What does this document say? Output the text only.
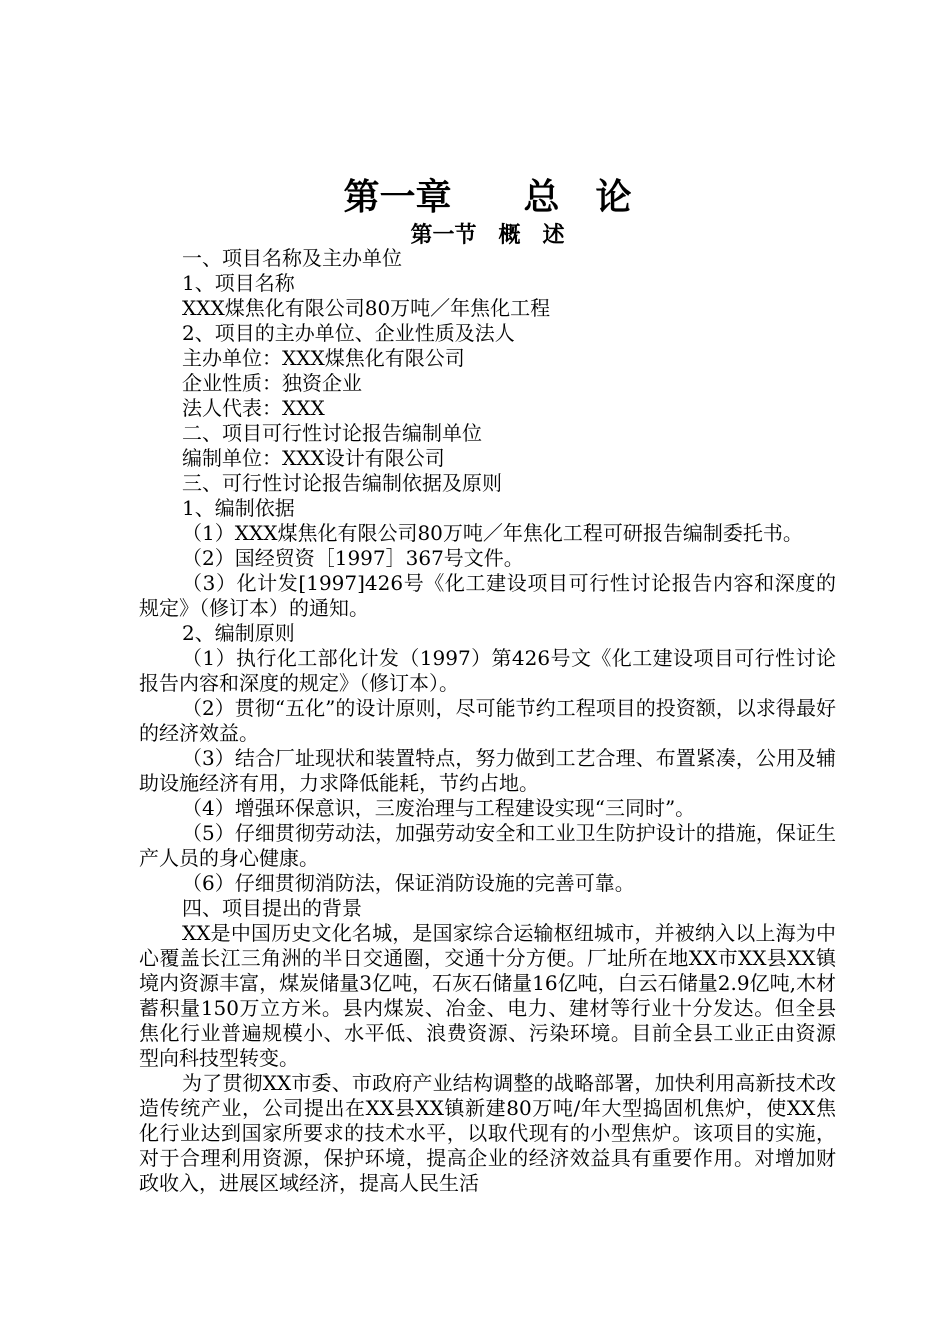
第一章　　总　论
第一节　概　述

一、项目名称及主办单位

1、项目名称

XXX煤焦化有限公司80万吨／年焦化工程

2、项目的主办单位、企业性质及法人

主办单位：XXX煤焦化有限公司

企业性质：独资企业

法人代表：XXX

二、项目可行性讨论报告编制单位

编制单位：XXX设计有限公司

三、可行性讨论报告编制依据及原则

1、编制依据

（1）XXX煤焦化有限公司80万吨／年焦化工程可研报告编制委托书。

（2）国经贸资［1997］367号文件。

（3）化计发[1997]426号《化工建设项目可行性讨论报告内容和深度的规定》（修订本）的通知。

2、编制原则

（1）执行化工部化计发（1997）第426号文《化工建设项目可行性讨论报告内容和深度的规定》（修订本）。

（2）贯彻“五化”的设计原则，尽可能节约工程项目的投资额，以求得最好的经济效益。

（3）结合厂址现状和装置特点，努力做到工艺合理、布置紧凑，公用及辅助设施经济有用，力求降低能耗，节约占地。

（4）增强环保意识，三废治理与工程建设实现“三同时”。

（5）仔细贯彻劳动法，加强劳动安全和工业卫生防护设计的措施，保证生产人员的身心健康。

（6）仔细贯彻消防法，保证消防设施的完善可靠。

四、项目提出的背景

XX是中国历史文化名城，是国家综合运输枢纽城市，并被纳入以上海为中心覆盖长江三角洲的半日交通圈，交通十分方便。厂址所在地XX市XX县XX镇境内资源丰富，煤炭储量3亿吨，石灰石储量16亿吨，白云石储量2.9亿吨,木材蓄积量150万立方米。县内煤炭、冶金、电力、建材等行业十分发达。但全县焦化行业普遍规模小、水平低、浪费资源、污染环境。目前全县工业正由资源型向科技型转变。

为了贯彻XX市委、市政府产业结构调整的战略部署，加快利用高新技术改造传统产业，公司提出在XX县XX镇新建80万吨/年大型捣固机焦炉，使XX焦化行业达到国家所要求的技术水平，以取代现有的小型焦炉。该项目的实施，对于合理利用资源，保护环境，提高企业的经济效益具有重要作用。对增加财政收入，进展区域经济，提高人民生活
